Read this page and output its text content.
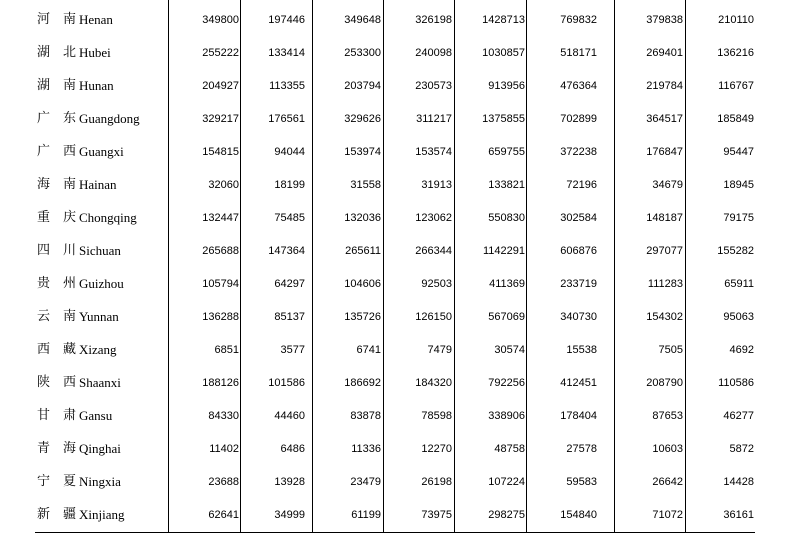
河 南 Henan	349800	197446	349648	326198	1428713	769832	379838	210110
湖 北 Hubei	255222	133414	253300	240098	1030857	518171	269401	136216
湖 南 Hunan	204927	113355	203794	230573	913956	476364	219784	116767
广 东 Guangdong	329217	176561	329626	311217	1375855	702899	364517	185849
广 西 Guangxi	154815	94044	153974	153574	659755	372238	176847	95447
海 南 Hainan	32060	18199	31558	31913	133821	72196	34679	18945
重 庆 Chongqing	132447	75485	132036	123062	550830	302584	148187	79175
四 川 Sichuan	265688	147364	265611	266344	1142291	606876	297077	155282
贵 州 Guizhou	105794	64297	104606	92503	411369	233719	111283	65911
云 南 Yunnan	136288	85137	135726	126150	567069	340730	154302	95063
西 藏 Xizang	6851	3577	6741	7479	30574	15538	7505	4692
陕 西 Shaanxi	188126	101586	186692	184320	792256	412451	208790	110586
甘 肃 Gansu	84330	44460	83878	78598	338906	178404	87653	46277
青 海 Qinghai	11402	6486	11336	12270	48758	27578	10603	5872
宁 夏 Ningxia	23688	13928	23479	26198	107224	59583	26642	14428
新 疆 Xinjiang	62641	34999	61199	73975	298275	154840	71072	36161
